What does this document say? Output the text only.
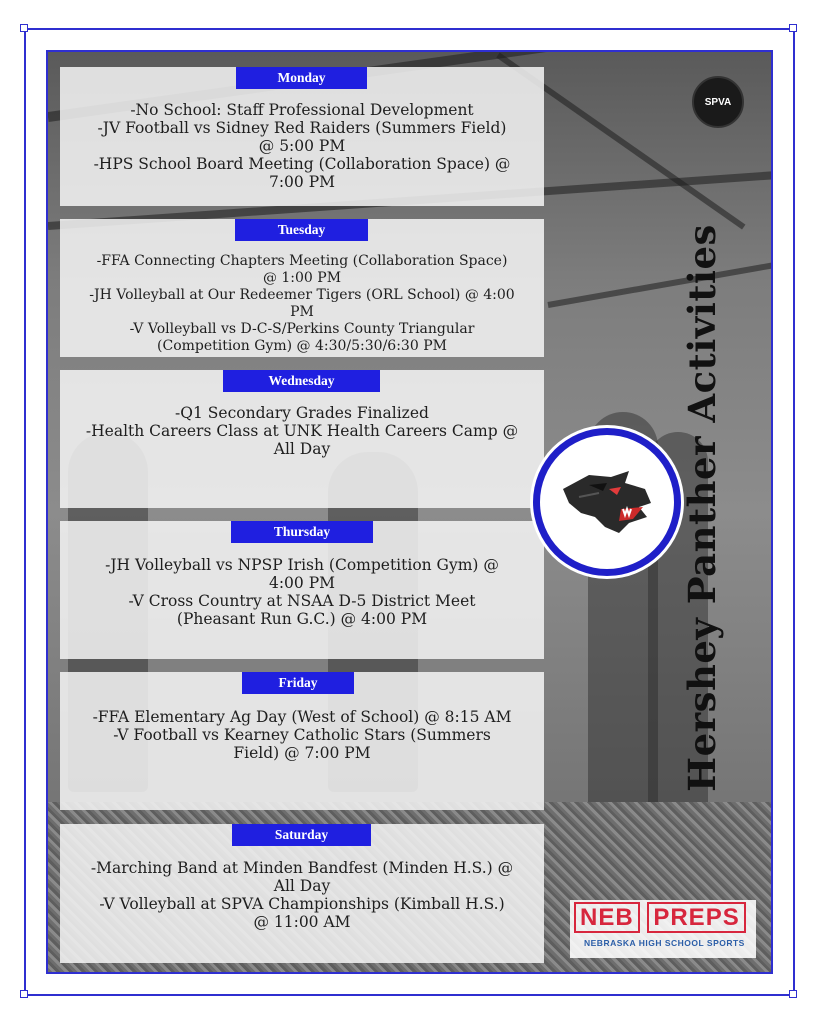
-No School: Staff Professional Development

-JV Football vs Sidney Red Raiders (Summers Field)

@ 5:00 PM

-HPS School Board Meeting (Collaboration Space) @

7:00 PM

Monday

-FFA Connecting Chapters Meeting (Collaboration Space)

@ 1:00 PM

-JH Volleyball at Our Redeemer Tigers (ORL School) @ 4:00

PM

-V Volleyball vs D-C-S/Perkins County Triangular

(Competition Gym) @ 4:30/5:30/6:30 PM

Tuesday

-Q1 Secondary Grades Finalized

-Health Careers Class at UNK Health Careers Camp @

All Day

Wednesday

-JH Volleyball vs NPSP Irish (Competition Gym) @

4:00 PM

-V Cross Country at NSAA D-5 District Meet

(Pheasant Run G.C.) @ 4:00 PM

Thursday

-FFA Elementary Ag Day (West of School) @ 8:15 AM

-V Football vs Kearney Catholic Stars (Summers

Field) @ 7:00 PM

Friday

-Marching Band at Minden Bandfest (Minden H.S.) @

All Day

-V Volleyball at SPVA Championships (Kimball H.S.)

@ 11:00 AM

Saturday
SPVA
Hershey Panther Activities
NEB PREPS
NEBRASKA HIGH SCHOOL SPORTS
